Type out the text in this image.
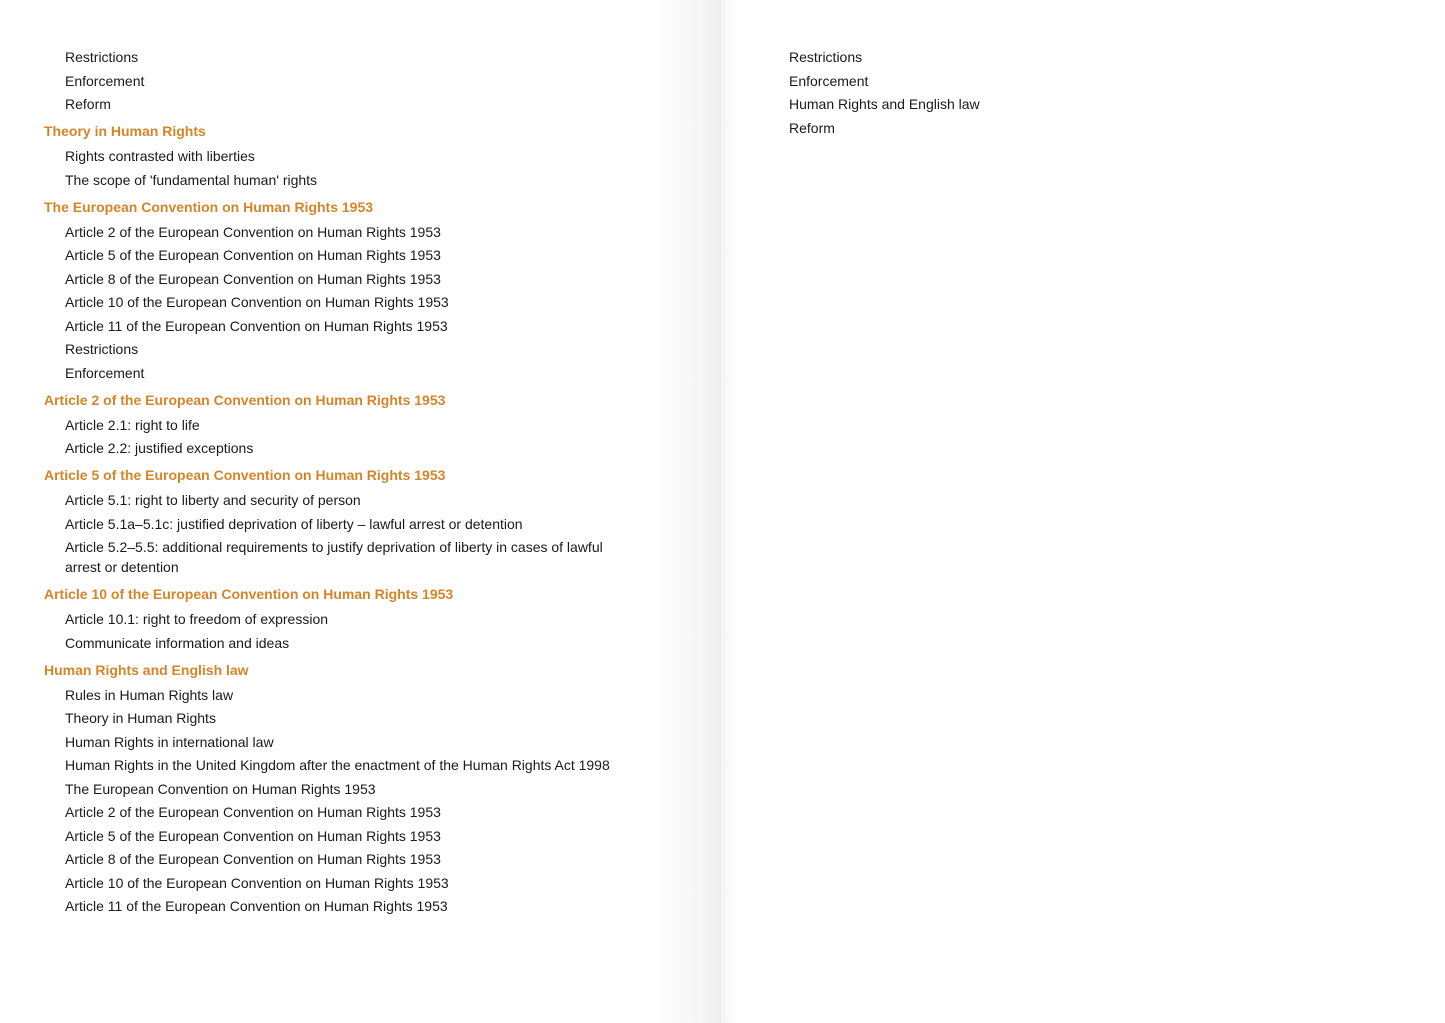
Restrictions
Enforcement
Reform
Theory in Human Rights
Rights contrasted with liberties
The scope of 'fundamental human' rights
The European Convention on Human Rights 1953
Article 2 of the European Convention on Human Rights 1953
Article 5 of the European Convention on Human Rights 1953
Article 8 of the European Convention on Human Rights 1953
Article 10 of the European Convention on Human Rights 1953
Article 11 of the European Convention on Human Rights 1953
Restrictions
Enforcement
Article 2 of the European Convention on Human Rights 1953
Article 2.1: right to life
Article 2.2: justified exceptions
Article 5 of the European Convention on Human Rights 1953
Article 5.1: right to liberty and security of person
Article 5.1a–5.1c: justified deprivation of liberty – lawful arrest or detention
Article 5.2–5.5: additional requirements to justify deprivation of liberty in cases of lawful arrest or detention
Article 10 of the European Convention on Human Rights 1953
Article 10.1: right to freedom of expression
Communicate information and ideas
Human Rights and English law
Rules in Human Rights law
Theory in Human Rights
Human Rights in international law
Human Rights in the United Kingdom after the enactment of the Human Rights Act 1998
The European Convention on Human Rights 1953
Article 2 of the European Convention on Human Rights 1953
Article 5 of the European Convention on Human Rights 1953
Article 8 of the European Convention on Human Rights 1953
Article 10 of the European Convention on Human Rights 1953
Article 11 of the European Convention on Human Rights 1953
Restrictions
Enforcement
Human Rights and English law
Reform
